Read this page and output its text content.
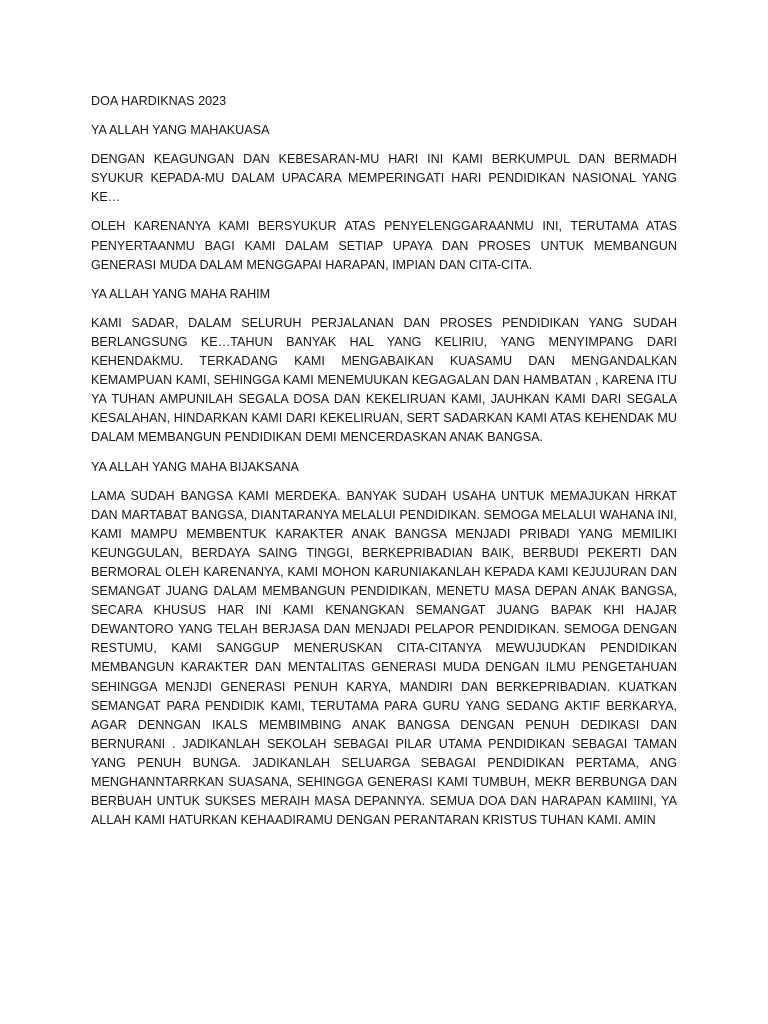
DOA HARDIKNAS 2023

YA ALLAH YANG MAHAKUASA

DENGAN KEAGUNGAN DAN KEBESARAN-MU HARI INI KAMI BERKUMPUL DAN BERMADH SYUKUR KEPADA-MU DALAM UPACARA MEMPERINGATI HARI PENDIDIKAN NASIONAL YANG KE…

OLEH KARENANYA KAMI BERSYUKUR ATAS PENYELENGGARAANMU INI, TERUTAMA ATAS PENYERTAANMU BAGI KAMI DALAM SETIAP UPAYA DAN PROSES UNTUK MEMBANGUN GENERASI MUDA DALAM MENGGAPAI HARAPAN, IMPIAN DAN CITA-CITA.

YA ALLAH YANG MAHA RAHIM

KAMI SADAR, DALAM SELURUH PERJALANAN DAN PROSES PENDIDIKAN YANG SUDAH BERLANGSUNG KE…TAHUN BANYAK HAL YANG KELIRIU, YANG MENYIMPANG DARI KEHENDAKMU. TERKADANG KAMI MENGABAIKAN KUASAMU DAN MENGANDALKAN KEMAMPUAN KAMI, SEHINGGA KAMI MENEMUUKAN KEGAGALAN DAN HAMBATAN , KARENA ITU YA TUHAN AMPUNILAH SEGALA DOSA DAN KEKELIRUAN KAMI, JAUHKAN KAMI DARI SEGALA KESALAHAN, HINDARKAN KAMI DARI KEKELIRUAN, SERT SADARKAN KAMI ATAS KEHENDAK MU DALAM MEMBANGUN PENDIDIKAN DEMI MENCERDASKAN ANAK BANGSA.

YA ALLAH YANG MAHA BIJAKSANA

LAMA SUDAH BANGSA KAMI MERDEKA. BANYAK SUDAH USAHA UNTUK MEMAJUKAN HRKAT DAN MARTABAT BANGSA, DIANTARANYA MELALUI PENDIDIKAN. SEMOGA MELALUI WAHANA INI, KAMI MAMPU MEMBENTUK KARAKTER ANAK BANGSA MENJADI PRIBADI YANG MEMILIKI KEUNGGULAN, BERDAYA SAING TINGGI, BERKEPRIBADIAN BAIK, BERBUDI PEKERTI DAN BERMORAL OLEH KARENANYA, KAMI MOHON KARUNIAKANLAH KEPADA KAMI KEJUJURAN DAN SEMANGAT JUANG DALAM MEMBANGUN PENDIDIKAN, MENETU MASA DEPAN ANAK BANGSA, SECARA KHUSUS HAR INI KAMI KENANGKAN SEMANGAT JUANG BAPAK KHI HAJAR DEWANTORO YANG TELAH BERJASA DAN MENJADI PELAPOR PENDIDIKAN. SEMOGA DENGAN RESTUMU, KAMI SANGGUP MENERUSKAN CITA-CITANYA MEWUJUDKAN PENDIDIKAN MEMBANGUN KARAKTER DAN MENTALITAS GENERASI MUDA DENGAN ILMU PENGETAHUAN SEHINGGA MENJDI GENERASI PENUH KARYA, MANDIRI DAN BERKEPRIBADIAN. KUATKAN SEMANGAT PARA PENDIDIK KAMI, TERUTAMA PARA GURU YANG SEDANG AKTIF BERKARYA, AGAR DENNGAN IKALS MEMBIMBING ANAK BANGSA DENGAN PENUH DEDIKASI DAN BERNURANI . JADIKANLAH SEKOLAH SEBAGAI PILAR UTAMA PENDIDIKAN SEBAGAI TAMAN YANG PENUH BUNGA. JADIKANLAH SELUARGA SEBAGAI PENDIDIKAN PERTAMA, ANG MENGHANNTARRKAN SUASANA, SEHINGGA GENERASI KAMI TUMBUH, MEKR BERBUNGA DAN BERBUAH UNTUK SUKSES MERAIH MASA DEPANNYA. SEMUA DOA DAN HARAPAN KAMIINI, YA ALLAH KAMI HATURKAN KEHAADIRAMU DENGAN PERANTARAN KRISTUS TUHAN KAMI. AMIN
